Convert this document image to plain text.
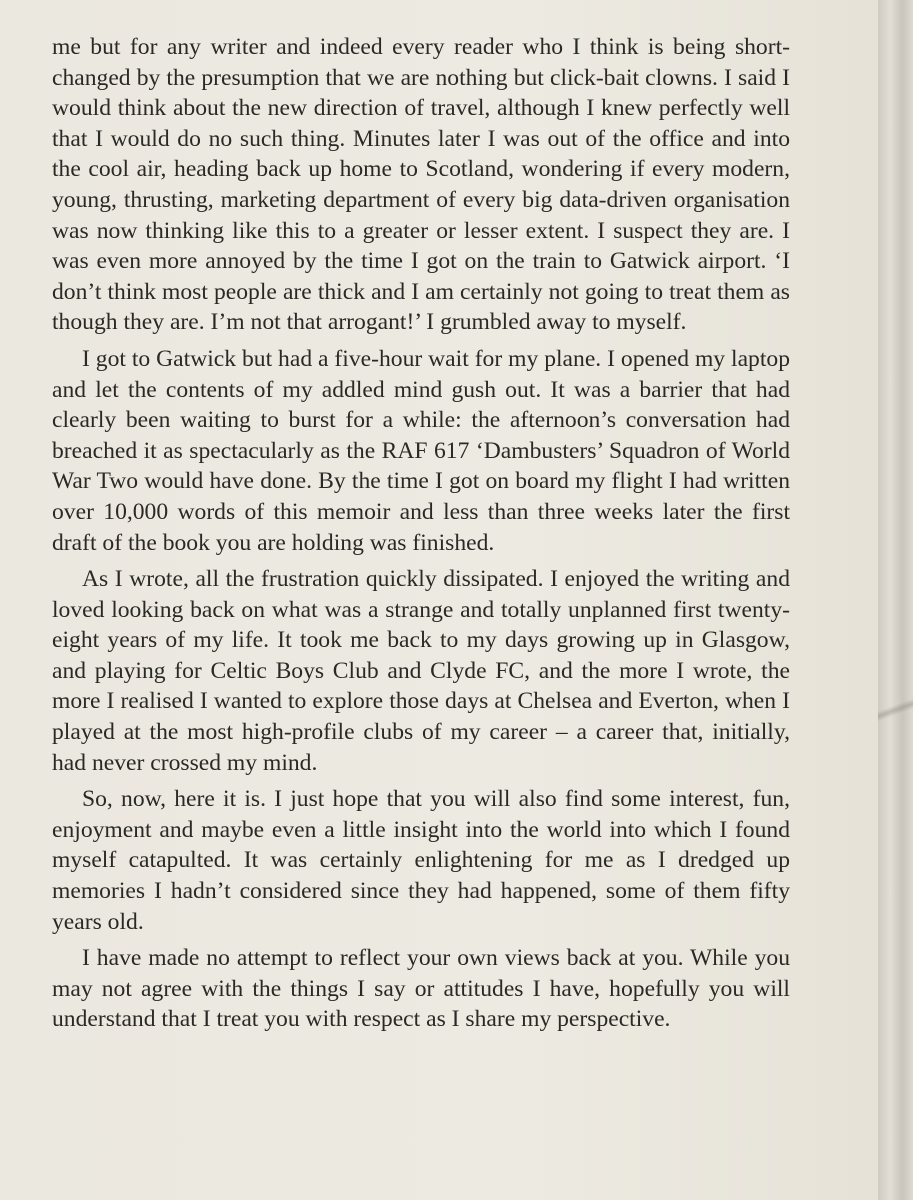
me but for any writer and indeed every reader who I think is being short-changed by the presumption that we are nothing but click-bait clowns. I said I would think about the new direction of travel, although I knew perfectly well that I would do no such thing. Minutes later I was out of the office and into the cool air, heading back up home to Scotland, wondering if every modern, young, thrusting, marketing department of every big data-driven organisation was now thinking like this to a greater or lesser extent. I suspect they are. I was even more annoyed by the time I got on the train to Gatwick airport. ‘I don’t think most people are thick and I am certainly not going to treat them as though they are. I’m not that arrogant!’ I grumbled away to myself.

I got to Gatwick but had a five-hour wait for my plane. I opened my laptop and let the contents of my addled mind gush out. It was a barrier that had clearly been waiting to burst for a while: the afternoon’s conversation had breached it as spectacularly as the RAF 617 ‘Dambusters’ Squadron of World War Two would have done. By the time I got on board my flight I had written over 10,000 words of this memoir and less than three weeks later the first draft of the book you are holding was finished.

As I wrote, all the frustration quickly dissipated. I enjoyed the writing and loved looking back on what was a strange and totally unplanned first twenty-eight years of my life. It took me back to my days growing up in Glasgow, and playing for Celtic Boys Club and Clyde FC, and the more I wrote, the more I realised I wanted to explore those days at Chelsea and Everton, when I played at the most high-profile clubs of my career – a career that, initially, had never crossed my mind.

So, now, here it is. I just hope that you will also find some interest, fun, enjoyment and maybe even a little insight into the world into which I found myself catapulted. It was certainly enlightening for me as I dredged up memories I hadn’t considered since they had happened, some of them fifty years old.

I have made no attempt to reflect your own views back at you. While you may not agree with the things I say or attitudes I have, hopefully you will understand that I treat you with respect as I share my perspective.
